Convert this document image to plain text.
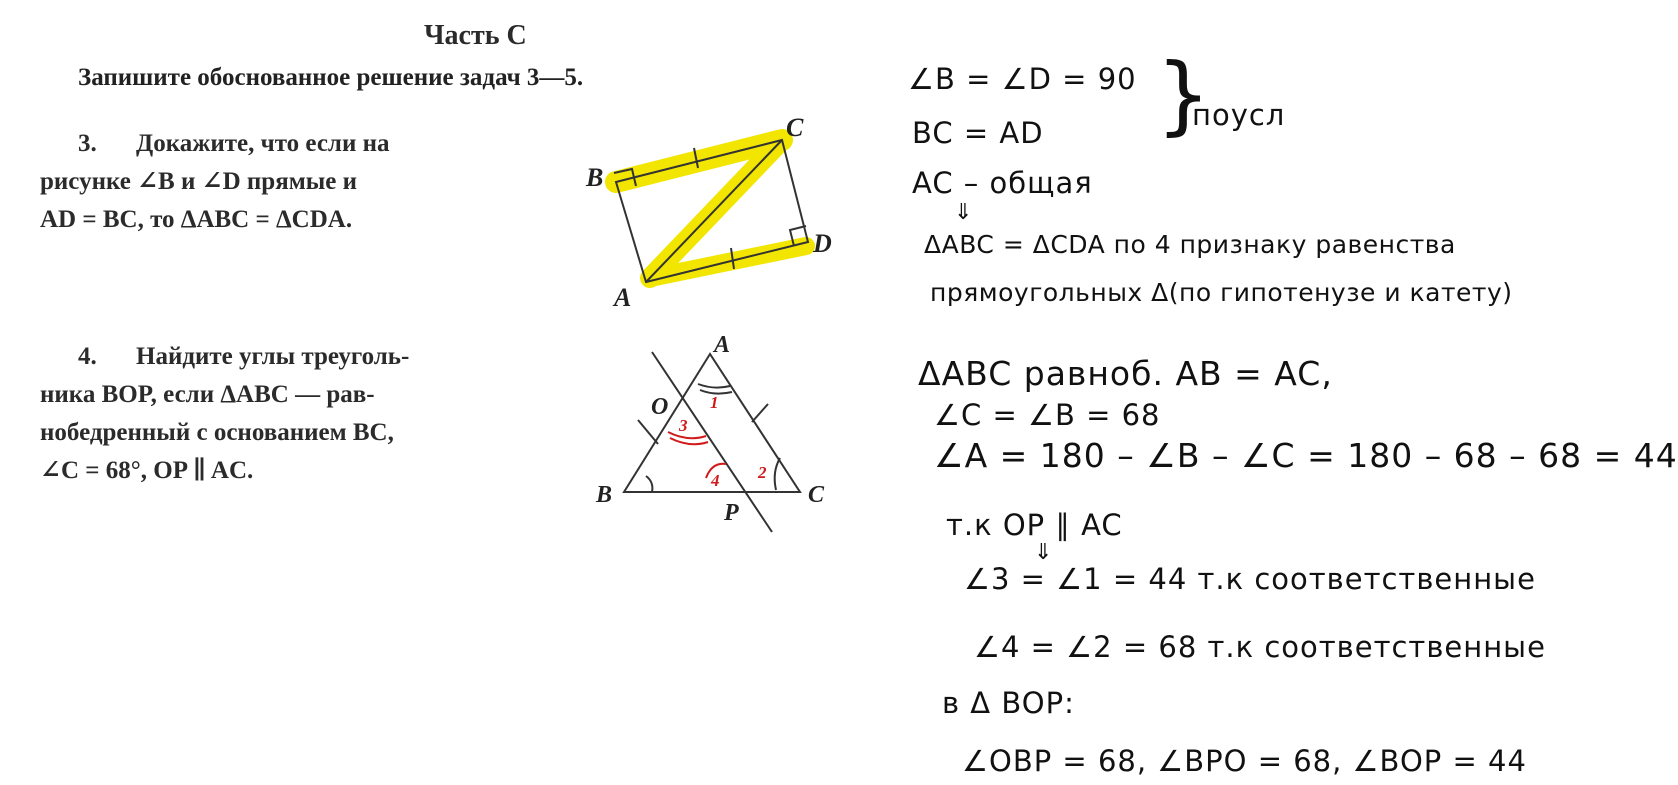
Часть С
Запишите обоснованное решение задач 3—5.
3. Докажите, что если на
рисунке ∠B и ∠D прямые и
AD = BC, то ΔABC = ΔCDA.
B
C
D
A
4. Найдите углы треуголь-
ника BOP, если ΔABC — рав-
нобедренный с основанием BC,
∠C = 68°, OP ∥ AC.
A
O
B
P
C
1
3
4 2
∠B = ∠D = 90
BC = AD }
поусл
AC – общая
⇓
ΔABC = ΔCDA по 4 признаку равенства
прямоугольных Δ(по гипотенузе и катету)
ΔABC равноб. AB = AC,
∠C = ∠B = 68
∠A = 180 – ∠B – ∠C = 180 – 68 – 68 = 44
т.к OP ∥ AC
⇓
∠3 = ∠1 = 44 т.к соответственные
∠4 = ∠2 = 68 т.к соответственные
в Δ BOP:
∠OBP = 68, ∠BPO = 68, ∠BOP = 44
